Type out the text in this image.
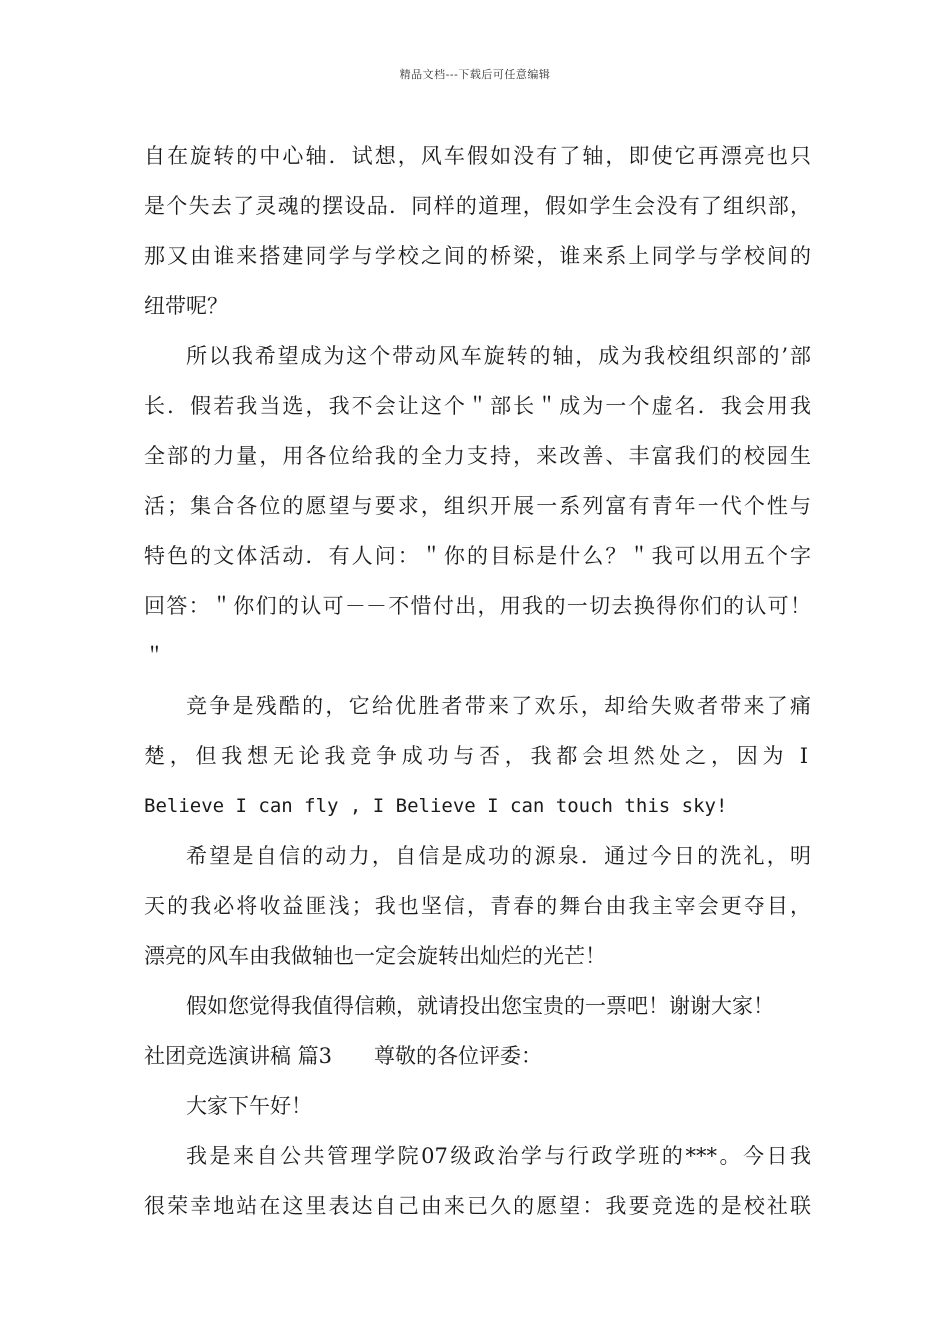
精品文档---下载后可任意编辑
自在旋转的中心轴．试想，风车假如没有了轴，即使它再漂亮也只
是个失去了灵魂的摆设品．同样的道理，假如学生会没有了组织部，
那又由谁来搭建同学与学校之间的桥梁，谁来系上同学与学校间的
纽带呢？
所以我希望成为这个带动风车旋转的轴，成为我校组织部的’部
长．假若我当选，我不会让这个＂部长＂成为一个虚名．我会用我
全部的力量，用各位给我的全力支持，来改善、丰富我们的校园生
活；集合各位的愿望与要求，组织开展一系列富有青年一代个性与
特色的文体活动．有人问：＂你的目标是什么？＂我可以用五个字
回答：＂你们的认可－－不惜付出，用我的一切去换得你们的认可！
＂
竞争是残酷的，它给优胜者带来了欢乐，却给失败者带来了痛
楚，但我想无论我竞争成功与否，我都会坦然处之，因为 I
Believe I can fly , I Believe I can touch this sky!
希望是自信的动力，自信是成功的源泉．通过今日的洗礼，明
天的我必将收益匪浅；我也坚信，青春的舞台由我主宰会更夺目，
漂亮的风车由我做轴也一定会旋转出灿烂的光芒！
假如您觉得我值得信赖，就请投出您宝贵的一票吧！谢谢大家！
社团竞选演讲稿 篇3 尊敬的各位评委：
大家下午好！
我是来自公共管理学院07级政治学与行政学班的***。今日我
很荣幸地站在这里表达自己由来已久的愿望：我要竞选的是校社联
